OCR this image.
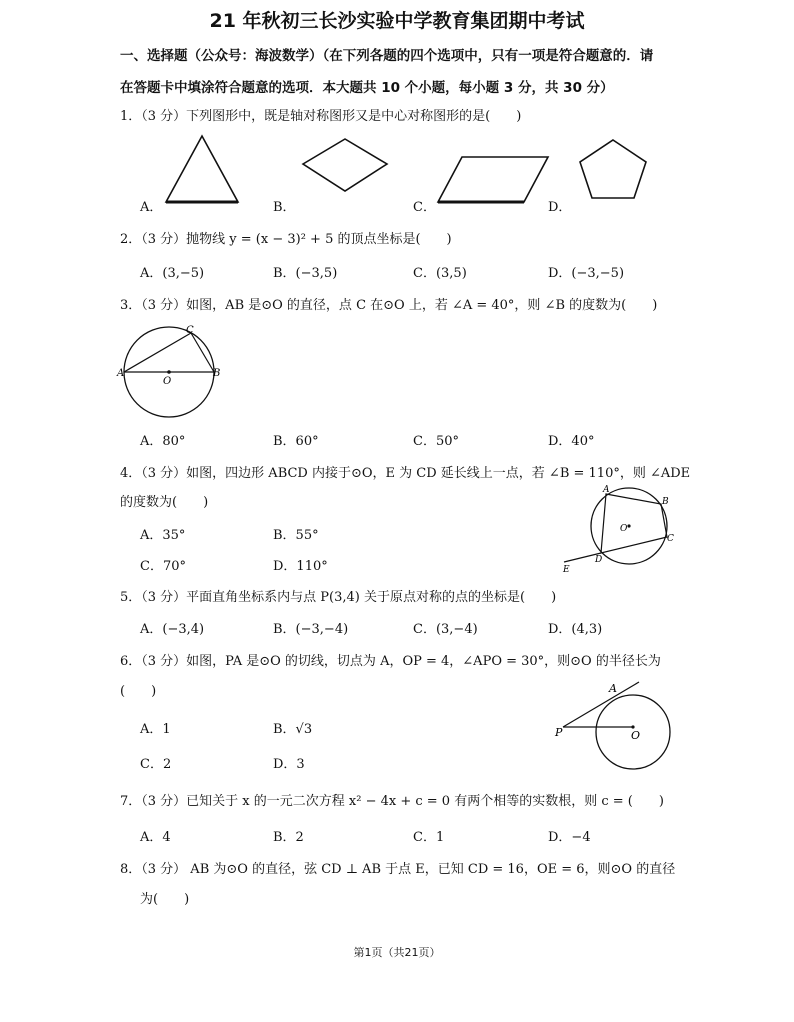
21 年秋初三长沙实验中学教育集团期中考试
一、选择题（公众号：海波数学）（在下列各题的四个选项中，只有一项是符合题意的．请
在答题卡中填涂符合题意的选项．本大题共 10 个小题，每小题 3 分，共 30 分）
1．（3 分）下列图形中，既是轴对称图形又是中心对称图形的是(　　)
A．	B．	C．	D．
2．（3 分）抛物线 y = (x − 3)² + 5 的顶点坐标是(　　)
A．(3,−5)	B．(−3,5)	C．(3,5)	D．(−3,−5)
3．（3 分）如图，AB 是⊙O 的直径，点 C 在⊙O 上，若 ∠A = 40°，则 ∠B 的度数为(　　)
A	B
C
O
A．80°	B．60°	C．50°	D．40°
4．（3 分）如图，四边形 ABCD 内接于⊙O，E 为 CD 延长线上一点，若 ∠B = 110°，则 ∠ADE
的度数为(　　)
A．35°	B．55°
C．70°	D．110°
A
B
C
D
E
O
5．（3 分）平面直角坐标系内与点 P(3,4) 关于原点对称的点的坐标是(　　)
A．(−3,4)	B．(−3,−4)	C．(3,−4)	D．(4,3)
6．（3 分）如图，PA 是⊙O 的切线，切点为 A，OP = 4，∠APO = 30°，则⊙O 的半径长为
(　　)
A．1	B．√3
C．2	D．3
A
P	O
7．（3 分）已知关于 x 的一元二次方程 x² − 4x + c = 0 有两个相等的实数根，则 c = (　　)
A．4	B．2	C．1	D．−4
8．（3 分） AB 为⊙O 的直径，弦 CD ⊥ AB 于点 E，已知 CD = 16，OE = 6，则⊙O 的直径
为(　　)
第1页（共21页）
